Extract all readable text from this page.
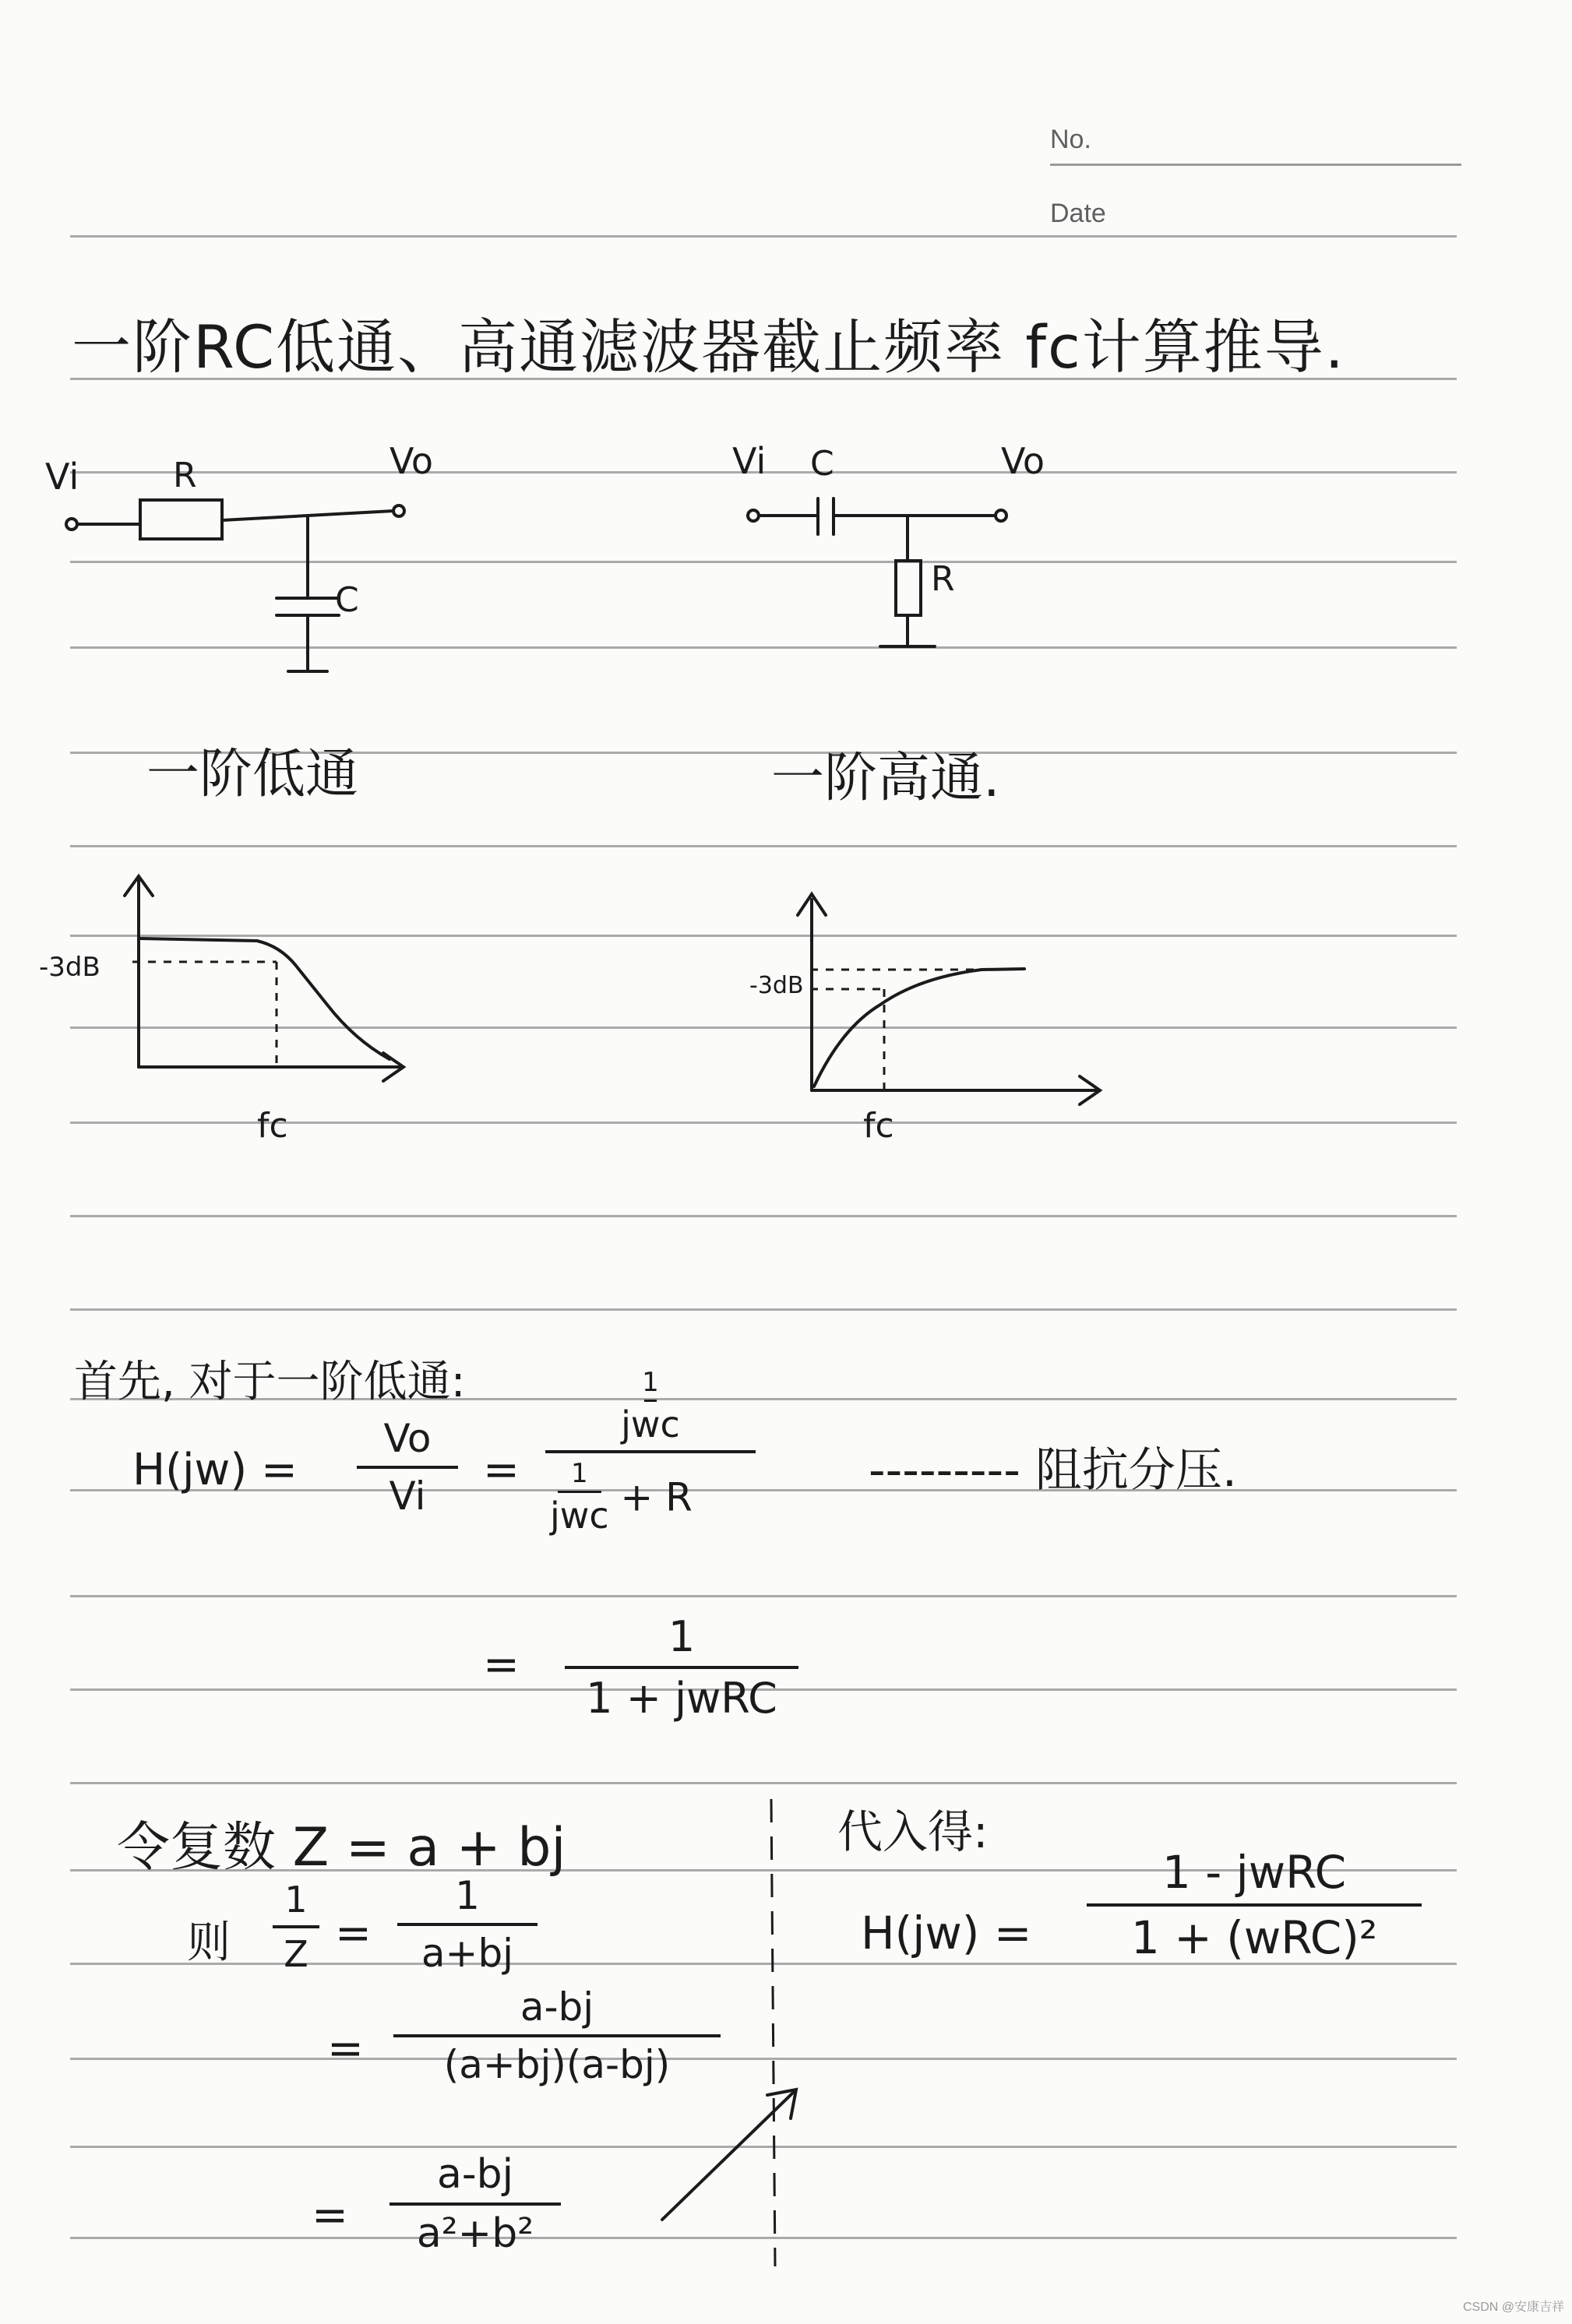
No.
Date
一阶RC低通、高通滤波器截止频率 fc计算推导.
Vi	R	Vo
C
Vi C	Vo
R
一阶低通	一阶高通.
-3dB
fc
-3dB
fc
首先, 对于一阶低通:
H(jw) =
Vo
Vi
=
1
jwc
1
jwc + R	--------- 阻抗分压.
=
1
1 + jwRC
令复数 Z = a + bj
则
1
Z =
1
a+bj
=
a-bj
(a+bj)(a-bj)
=
a-bj
a²+b²
代入得:
H(jw) =
1 - jwRC
1 + (wRC)²
CSDN @安康吉祥
